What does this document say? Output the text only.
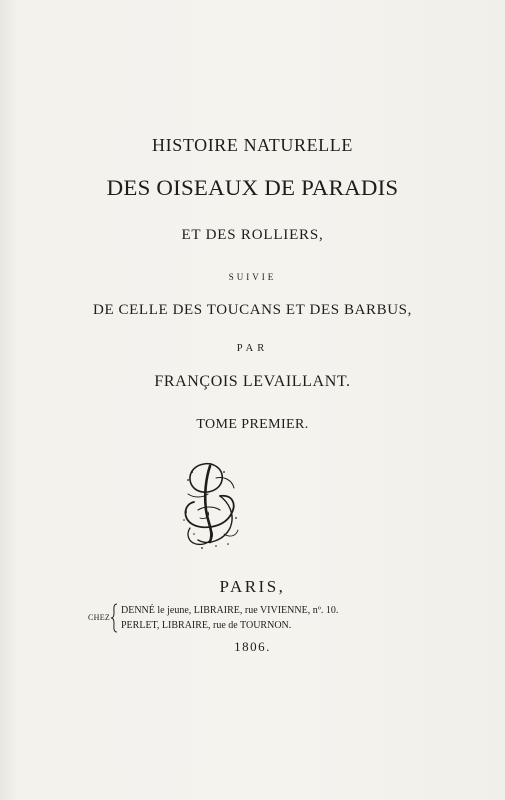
HISTOIRE NATURELLE
DES OISEAUX DE PARADIS
ET DES ROLLIERS,
SUIVIE
DE CELLE DES TOUCANS ET DES BARBUS,
PAR
FRANÇOIS LEVAILLANT.
TOME PREMIER.
PARIS,
CHEZ
DENNÉ le jeune, LIBRAIRE, rue VIVIENNE, nº. 10.
PERLET, LIBRAIRE, rue de TOURNON.
1806.
